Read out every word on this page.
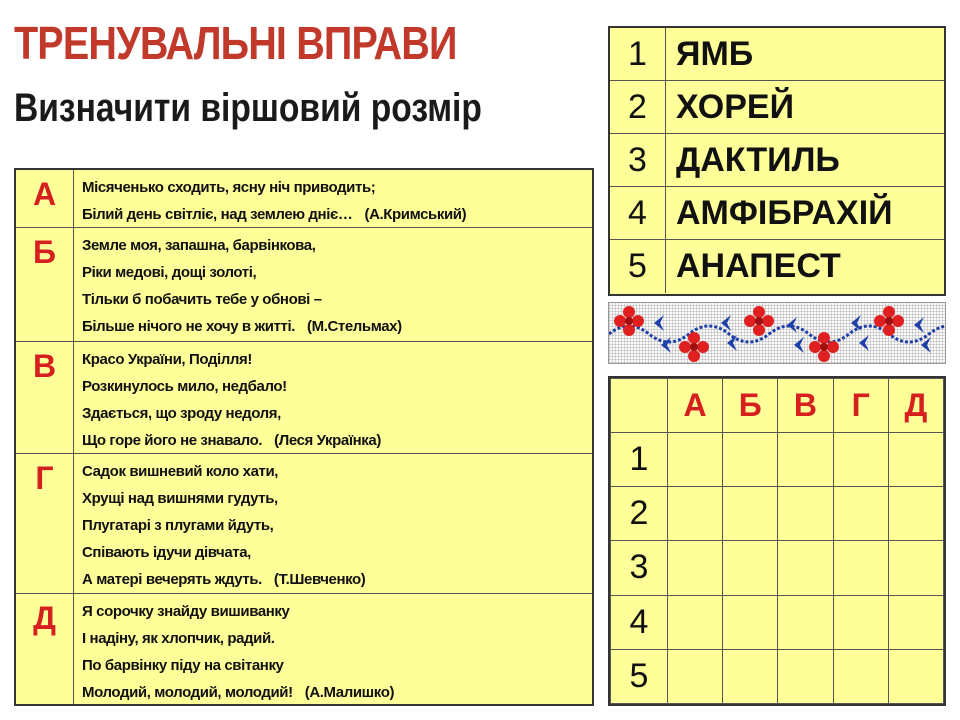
ТРЕНУВАЛЬНІ ВПРАВИ
Визначити віршовий розмір
А	Місяченько сходить, ясну ніч приводить;
Білий день світліє, над землею дніє… (А.Кримський)
Б	Земле моя, запашна, барвінкова,
Ріки медові, дощі золоті,
Тільки б побачить тебе у обнові –
Більше нічого не хочу в житті. (М.Стельмах)
В	Красо України, Поділля!
Розкинулось мило, недбало!
Здається, що зроду недоля,
Що горе його не знавало. (Леся Українка)
Г	Садок вишневий коло хати,
Хрущі над вишнями гудуть,
Плугатарі з плугами йдуть,
Співають ідучи дівчата,
А матері вечерять ждуть. (Т.Шевченко)
Д	Я сорочку знайду вишиванку
І надіну, як хлопчик, радий.
По барвінку піду на світанку
Молодий, молодий, молодий! (А.Малишко)
1 ЯМБ
2 ХОРЕЙ
3 ДАКТИЛЬ
4 АМФІБРАХІЙ
5 АНАПЕСТ
	А	Б	В	Г	Д
1					
2					
3					
4					
5					
